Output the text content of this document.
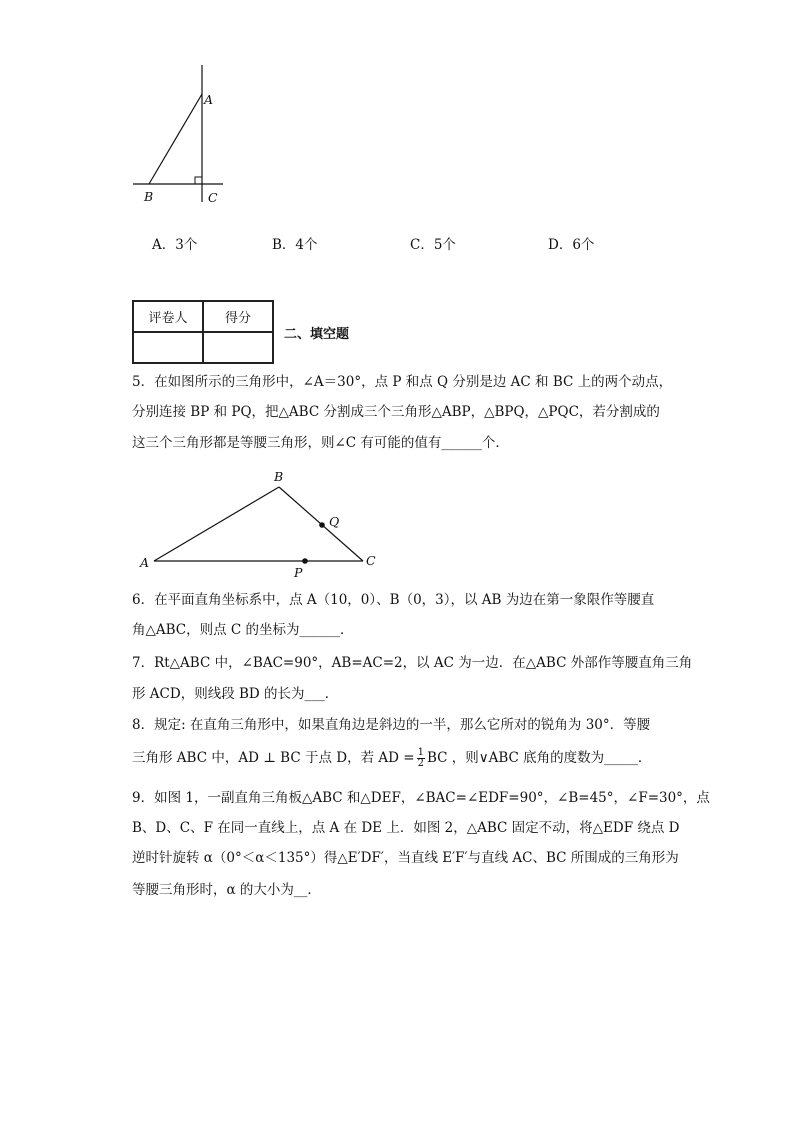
A
B	C
A．3个	B．4个	C．5个	D．6个
评卷人	得分

二、填空题
5．在如图所示的三角形中，∠A＝30°，点 P 和点 Q 分别是边 AC 和 BC 上的两个动点，
分别连接 BP 和 PQ，把△ABC 分割成三个三角形△ABP，△BPQ，△PQC，若分割成的
这三个三角形都是等腰三角形，则∠C 有可能的值有______个．
A
B
C
Q
P
6．在平面直角坐标系中，点 A（10，0）、B（0，3），以 AB 为边在第一象限作等腰直
角△ABC，则点 C 的坐标为______．
7．Rt△ABC 中，∠BAC=90°，AB=AC=2，以 AC 为一边．在△ABC 外部作等腰直角三角
形 ACD，则线段 BD 的长为___．
8．规定: 在直角三角形中，如果直角边是斜边的一半，那么它所对的锐角为 30°．等腰
三角形 ABC 中，AD ⊥ BC 于点 D，若 AD = $\frac{1}{2}$ BC ，则∨ABC 底角的度数为_____．
9．如图 1，一副直角三角板△ABC 和△DEF，∠BAC=∠EDF=90°，∠B=45°，∠F=30°，点
B、D、C、F 在同一直线上，点 A 在 DE 上．如图 2，△ABC 固定不动，将△EDF 绕点 D
逆时针旋转 α（0°＜α＜135°）得△E′DF′，当直线 E′F′与直线 AC、BC 所围成的三角形为
等腰三角形时，α 的大小为__．
